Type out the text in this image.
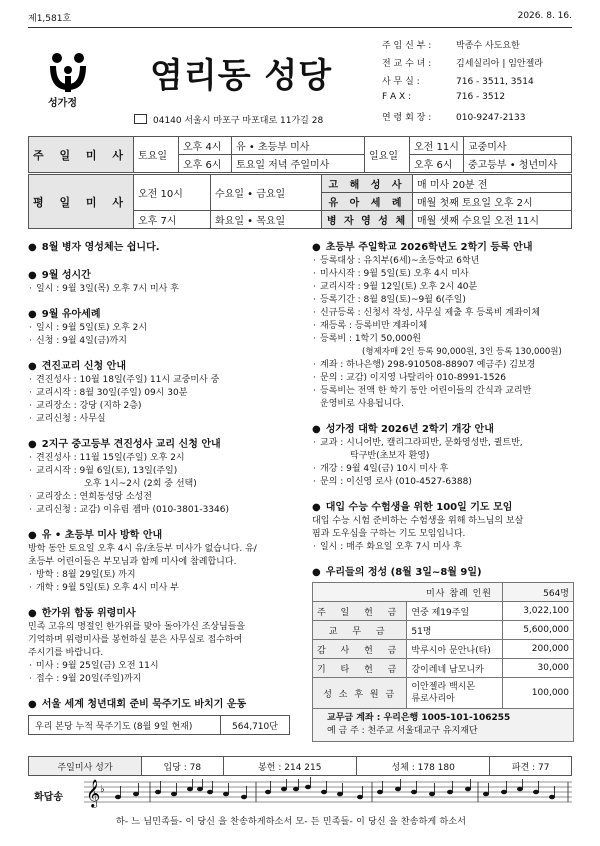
제1,581호	2026. 8. 16.
성가정
염리동 성당
04140 서울시 마포구 마포대로 11가길 28
주 임 신 부 :	박종수 사도요한
전 교 수 녀 :	김세실리아 | 임안젤라
사 무 실 :	716 - 3511, 3514
F A X :	716 - 3512
연 령 회 장 :	010-9247-2133
주 일 미 사	토요일	오후 4시	유 • 초등부 미사	일요일	오전 11시	교중미사
		오후 6시	토요일 저녁 주일미사		오후 6시	중고등부 • 청년미사
평 일 미 사	오전 10시	수요일 • 금요일	고 해 성 사	매 미사 20분 전
			유 아 세 례	매월 첫째 토요일 오후 2시
	오후 7시	화요일 • 목요일	병 자 영 성 체	매월 셋째 수요일 오전 11시
● 8월 병자 영성체는 쉽니다.
● 9월 성시간
· 일시 : 9월 3일(목) 오후 7시 미사 후
● 9월 유아세례
· 일시 : 9월 5일(토) 오후 2시
· 신청 : 9월 4일(금)까지
● 견진교리 신청 안내
· 견진성사 : 10월 18일(주일) 11시 교중미사 중
· 교리시작 : 8월 30일(주일) 09시 30분
· 교리장소 : 강당 (지하 2층)
· 교리신청 : 사무실
● 2지구 중고등부 견진성사 교리 신청 안내
· 견진성사 : 11월 15일(주일) 오후 2시
· 교리시작 : 9월 6일(토), 13일(주일)
오후 1시~2시 (2회 중 선택)
· 교리장소 : 연희동성당 소성전
· 교리신청 : 교감) 이유림 젬마 (010-3801-3346)
● 유 • 초등부 미사 방학 안내
방학 동안 토요일 오후 4시 유/초등부 미사가 없습니다. 유/
초등부 어린이들은 부모님과 함께 미사에 참례합니다.
· 방학 : 8월 29일(토) 까지
· 개학 : 9월 5일(토) 오후 4시 미사 부
● 한가위 합동 위령미사
민족 고유의 명절인 한가위를 맞아 돌아가신 조상님들을
기억하며 위령미사를 봉헌하실 분은 사무실로 접수하여
주시기를 바랍니다.
· 미사 : 9월 25일(금) 오전 11시
· 접수 : 9월 20일(주일)까지
● 서울 세계 청년대회 준비 묵주기도 바치기 운동
우리 본당 누적 묵주기도 (8월 9일 현재)	564,710단
● 초등부 주일학교 2026학년도 2학기 등록 안내
· 등록대상 : 유치부(6세)~초등학교 6학년
· 미사시작 : 9월 5일(토) 오후 4시 미사
· 교리시작 : 9월 12일(토) 오후 2시 40분
· 등록기간 : 8월 8일(토)~9월 6(주일)
· 신규등록 : 신청서 작성, 사무실 제출 후 등록비 계좌이체
· 재등록 : 등록비만 계좌이체
· 등록비 : 1학기 50,000원
(형제자매 2인 등록 90,000원, 3인 등록 130,000원)
· 계좌 : 하나은행) 298-910508-88907 예금주) 김보경
· 문의 : 교감) 이지영 나탈리아 010-8991-1526
· 등록비는 전액 한 학기 동안 어린이들의 간식과 교리반
운영비로 사용됩니다.
● 성가정 대학 2026년 2학기 개강 안내
· 교과 : 시니어반, 캘리그라피반, 문화영성반, 퀼트반,
탁구반(초보자 환영)
· 개강 : 9월 4일(금) 10시 미사 후
· 문의 : 이신영 로사 (010-4527-6388)
● 대입 수능 수험생을 위한 100일 기도 모임
대입 수능 시험 준비하는 수험생을 위해 하느님의 보살
핌과 도우심을 구하는 기도 모임입니다.
· 일시 : 매주 화요일 오후 7시 미사 후
● 우리들의 정성 (8월 3일~8월 9일)
미사 참례 인원		564명
주 일 헌 금	연중 제19주일	3,022,100
교 무 금	51명	5,600,000
감 사 헌 금	박루시아 문안나(타)	200,000
기 타 헌 금	강이레네 남모니카	30,000
성 소 후 원 금	이안젤라 백시몬
류로사리아	100,000
교무금 계좌 : 우리은행 1005-101-106255
예 금 주 : 천주교 서울대교구 유지재단
주일미사 성가	입당 : 78	봉헌 : 214 215	성체 : 178 180	파견 : 77
화답송 𝄞 ♭
하- 느 님민족들- 이 당신 을 찬송하게하소서 모- 든 민족들- 이 당신 을 찬송하게 하소서
